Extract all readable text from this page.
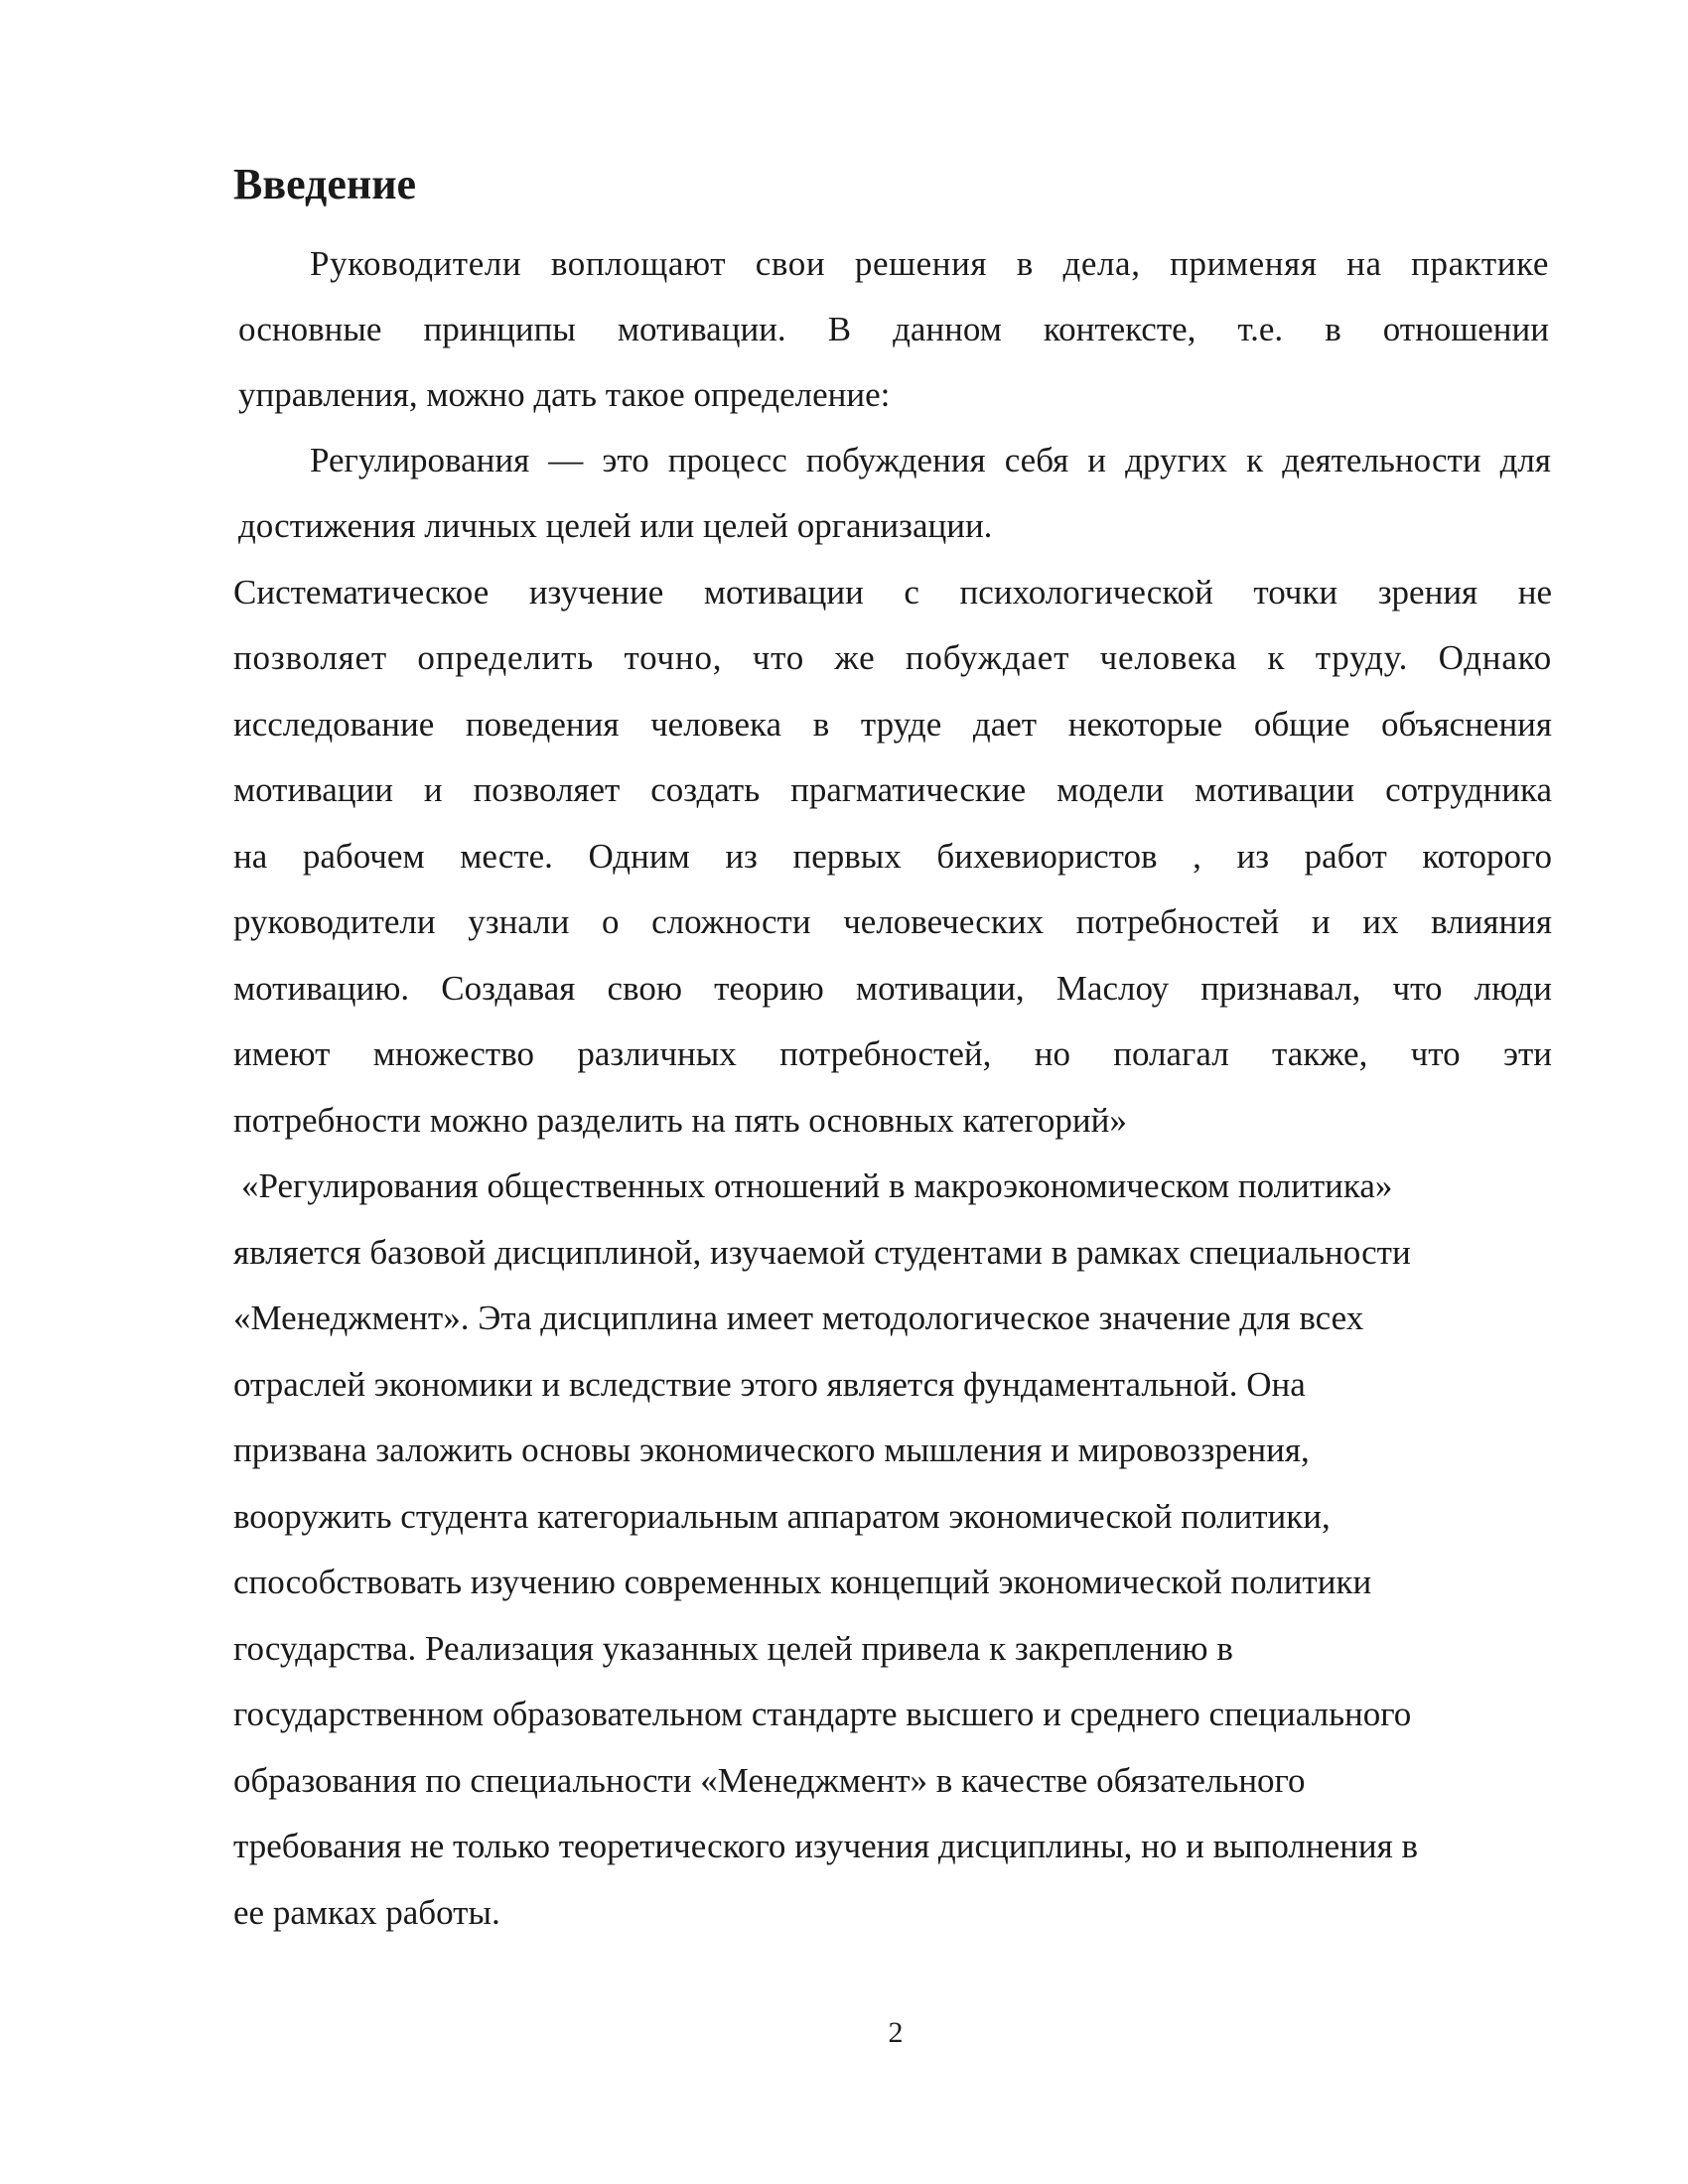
Введение
Руководители воплощают свои решения в дела, применяя на практике
основные принципы мотивации. В данном контексте, т.е. в отношении
управления, можно дать такое определение:
Регулирования — это процесс побуждения себя и других к деятельности для
достижения личных целей или целей организации.
Систематическое изучение мотивации с психологической точки зрения не
позволяет определить точно, что же побуждает человека к труду. Однако
исследование поведения человека в труде дает некоторые общие объяснения
мотивации и позволяет создать прагматические модели мотивации сотрудника
на рабочем месте. Одним из первых бихевиористов , из работ которого
руководители узнали о сложности человеческих потребностей и их влияния
мотивацию. Создавая свою теорию мотивации, Маслоу признавал, что люди
имеют множество различных потребностей, но полагал также, что эти
потребности можно разделить на пять основных категорий»
«Регулирования общественных отношений в макроэкономическом политика»
является базовой дисциплиной, изучаемой студентами в рамках специальности
«Менеджмент». Эта дисциплина имеет методологическое значение для всех
отраслей экономики и вследствие этого является фундаментальной. Она
призвана заложить основы экономического мышления и мировоззрения,
вооружить студента категориальным аппаратом экономической политики,
способствовать изучению современных концепций экономической политики
государства. Реализация указанных целей привела к закреплению в
государственном образовательном стандарте высшего и среднего специального
образования по специальности «Менеджмент» в качестве обязательного
требования не только теоретического изучения дисциплины, но и выполнения в
ее рамках работы.
2
